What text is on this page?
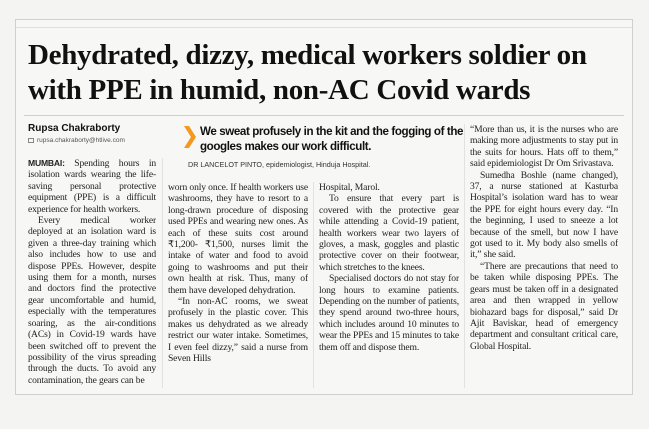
Dehydrated, dizzy, medical workers soldier on with PPE in humid, non-AC Covid wards
Rupsa Chakraborty
rupsa.chakraborty@htlive.com
We sweat profusely in the kit and the fogging of the googles makes our work difficult.
DR LANCELOT PINTO, epidemiologist, Hinduja Hospital.

MUMBAI: Spending hours in isolation wards wearing the life-saving personal protective equipment (PPE) is a difficult experience for health workers.

Every medical worker deployed at an isolation ward is given a three-day training which also includes how to use and dispose PPEs. However, despite using them for a month, nurses and doctors find the protective gear uncomfortable and humid, especially with the temperatures soaring, as the air-conditions (ACs) in Covid-19 wards have been switched off to prevent the possibility of the virus spreading through the ducts. To avoid any contamination, the gears can be

worn only once. If health workers use washrooms, they have to resort to a long-drawn procedure of disposing used PPEs and wearing new ones. As each of these suits cost around ₹1,200- ₹1,500, nurses limit the intake of water and food to avoid going to washrooms and put their own health at risk. Thus, many of them have developed dehydration.

“In non-AC rooms, we sweat profusely in the plastic cover. This makes us dehydrated as we already restrict our water intake. Sometimes, I even feel dizzy,” said a nurse from Seven Hills

Hospital, Marol.

To ensure that every part is covered with the protective gear while attending a Covid-19 patient, health workers wear two layers of gloves, a mask, goggles and plastic protective cover on their footwear, which stretches to the knees.

Specialised doctors do not stay for long hours to examine patients. Depending on the number of patients, they spend around two-three hours, which includes around 10 minutes to wear the PPEs and 15 minutes to take them off and dispose them.

“More than us, it is the nurses who are making more adjustments to stay put in the suits for hours. Hats off to them,” said epidemiologist Dr Om Srivastava.

Sumedha Boshle (name changed), 37, a nurse stationed at Kasturba Hospital’s isolation ward has to wear the PPE for eight hours every day. “In the beginning, I used to sneeze a lot because of the smell, but now I have got used to it. My body also smells of it,” she said.

“There are precautions that need to be taken while disposing PPEs. The gears must be taken off in a designated area and then wrapped in yellow biohazard bags for disposal,” said Dr Ajit Baviskar, head of emergency department and consultant critical care, Global Hospital.
